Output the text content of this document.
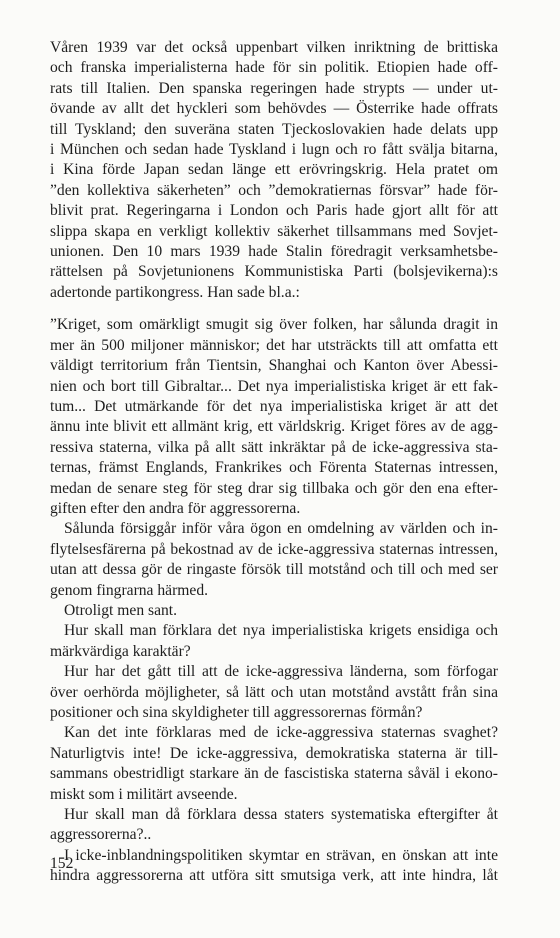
Våren 1939 var det också uppenbart vilken inriktning de brittiska
och franska imperialisterna hade för sin politik. Etiopien hade off-
rats till Italien. Den spanska regeringen hade strypts — under ut-
övande av allt det hyckleri som behövdes — Österrike hade offrats
till Tyskland; den suveräna staten Tjeckoslovakien hade delats upp
i München och sedan hade Tyskland i lugn och ro fått svälja bitarna,
i Kina förde Japan sedan länge ett erövringskrig. Hela pratet om
”den kollektiva säkerheten” och ”demokratiernas försvar” hade för-
blivit prat. Regeringarna i London och Paris hade gjort allt för att
slippa skapa en verkligt kollektiv säkerhet tillsammans med Sovjet-
unionen. Den 10 mars 1939 hade Stalin föredragit verksamhetsbe-
rättelsen på Sovjetunionens Kommunistiska Parti (bolsjevikerna):s
adertonde partikongress. Han sade bl.a.:
”Kriget, som omärkligt smugit sig över folken, har sålunda dragit in
mer än 500 miljoner människor; det har utsträckts till att omfatta ett
väldigt territorium från Tientsin, Shanghai och Kanton över Abessi-
nien och bort till Gibraltar... Det nya imperialistiska kriget är ett fak-
tum... Det utmärkande för det nya imperialistiska kriget är att det
ännu inte blivit ett allmänt krig, ett världskrig. Kriget föres av de agg-
ressiva staterna, vilka på allt sätt inkräktar på de icke-aggressiva sta-
ternas, främst Englands, Frankrikes och Förenta Staternas intressen,
medan de senare steg för steg drar sig tillbaka och gör den ena efter-
giften efter den andra för aggressorerna.
Sålunda försiggår inför våra ögon en omdelning av världen och in-
flytelsesfärerna på bekostnad av de icke-aggressiva staternas intressen,
utan att dessa gör de ringaste försök till motstånd och till och med ser
genom fingrarna härmed.
Otroligt men sant.
Hur skall man förklara det nya imperialistiska krigets ensidiga och
märkvärdiga karaktär?
Hur har det gått till att de icke-aggressiva länderna, som förfogar
över oerhörda möjligheter, så lätt och utan motstånd avstått från sina
positioner och sina skyldigheter till aggressorernas förmån?
Kan det inte förklaras med de icke-aggressiva staternas svaghet?
Naturligtvis inte! De icke-aggressiva, demokratiska staterna är till-
sammans obestridligt starkare än de fascistiska staterna såväl i ekono-
miskt som i militärt avseende.
Hur skall man då förklara dessa staters systematiska eftergifter åt
aggressorerna?..
I icke-inblandningspolitiken skymtar en strävan, en önskan att inte
hindra aggressorerna att utföra sitt smutsiga verk, att inte hindra, låt
152
